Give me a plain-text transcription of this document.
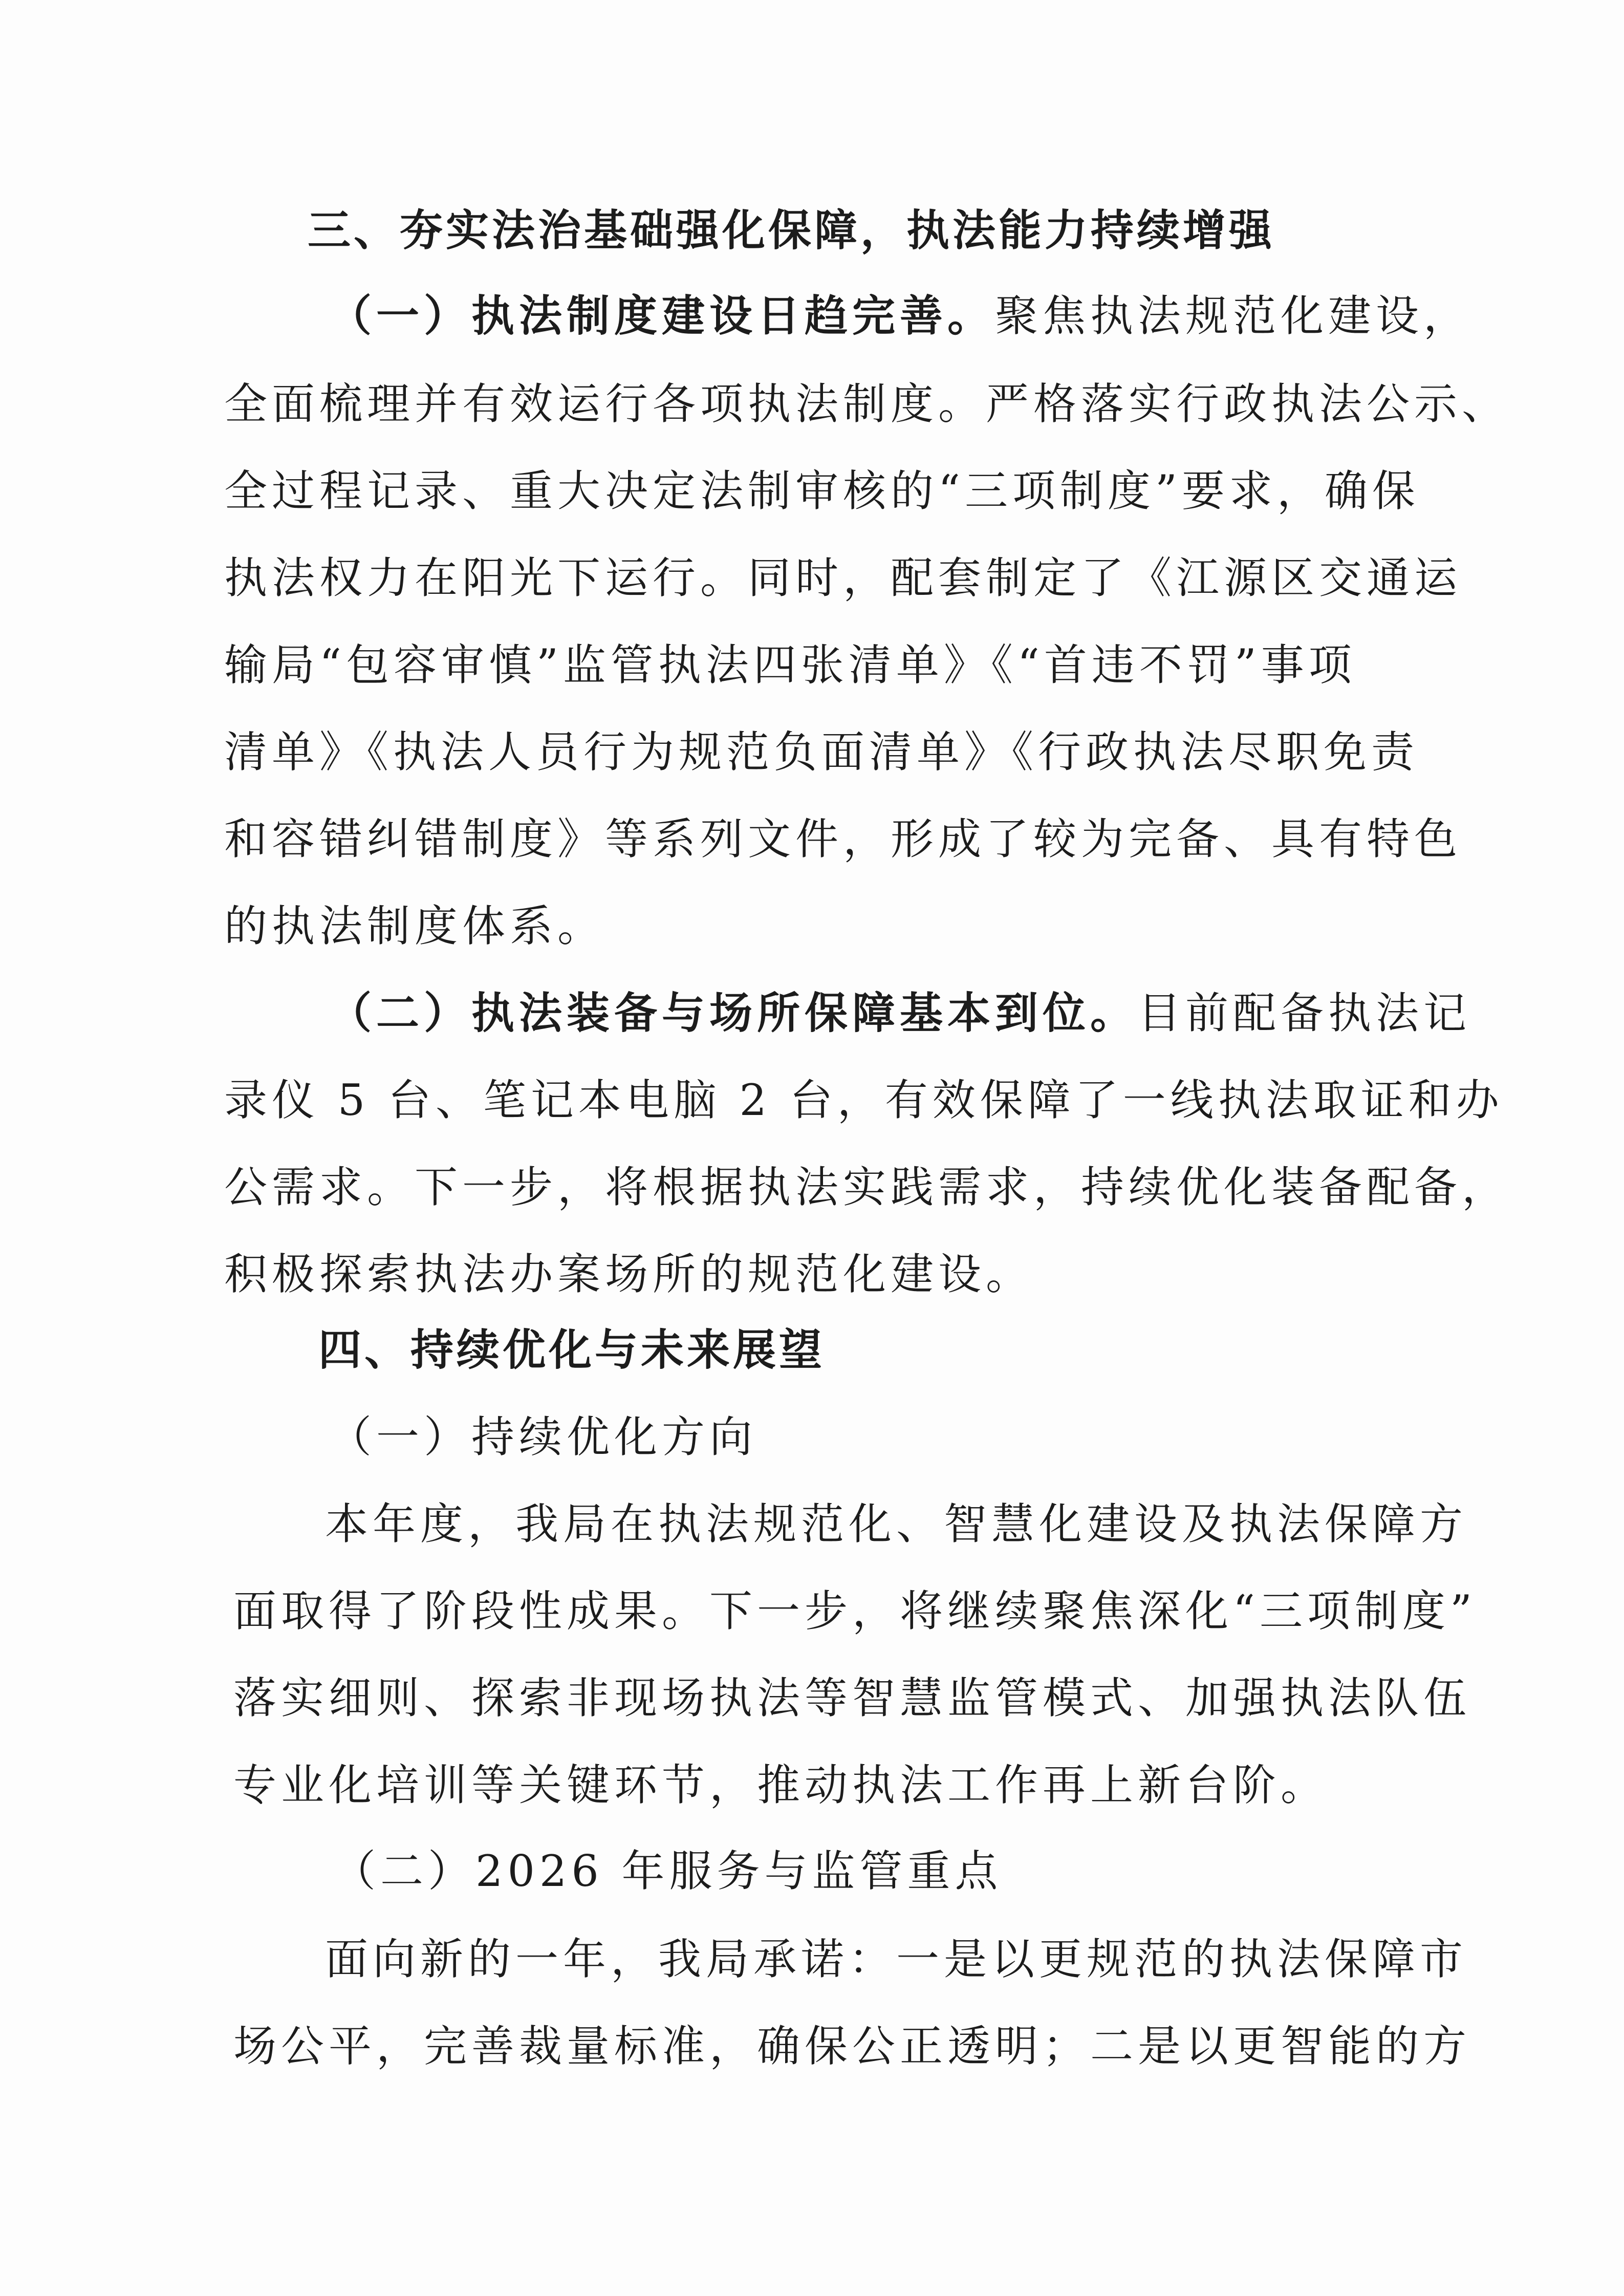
三、夯实法治基础强化保障，执法能力持续增强

（一）执法制度建设日趋完善。聚焦执法规范化建设，

全面梳理并有效运行各项执法制度。严格落实行政执法公示、

全过程记录、重大决定法制审核的“三项制度”要求，确保

执法权力在阳光下运行。同时，配套制定了《江源区交通运

输局“包容审慎”监管执法四张清单》《“首违不罚”事项

清单》《执法人员行为规范负面清单》《行政执法尽职免责

和容错纠错制度》等系列文件，形成了较为完备、具有特色

的执法制度体系。

（二）执法装备与场所保障基本到位。目前配备执法记

录仪 5 台、笔记本电脑 2 台，有效保障了一线执法取证和办

公需求。下一步，将根据执法实践需求，持续优化装备配备，

积极探索执法办案场所的规范化建设。

四、持续优化与未来展望

（一）持续优化方向

本年度，我局在执法规范化、智慧化建设及执法保障方

面取得了阶段性成果。下一步，将继续聚焦深化“三项制度”

落实细则、探索非现场执法等智慧监管模式、加强执法队伍

专业化培训等关键环节，推动执法工作再上新台阶。

（二）2026 年服务与监管重点

面向新的一年，我局承诺：一是以更规范的执法保障市

场公平，完善裁量标准，确保公正透明；二是以更智能的方
